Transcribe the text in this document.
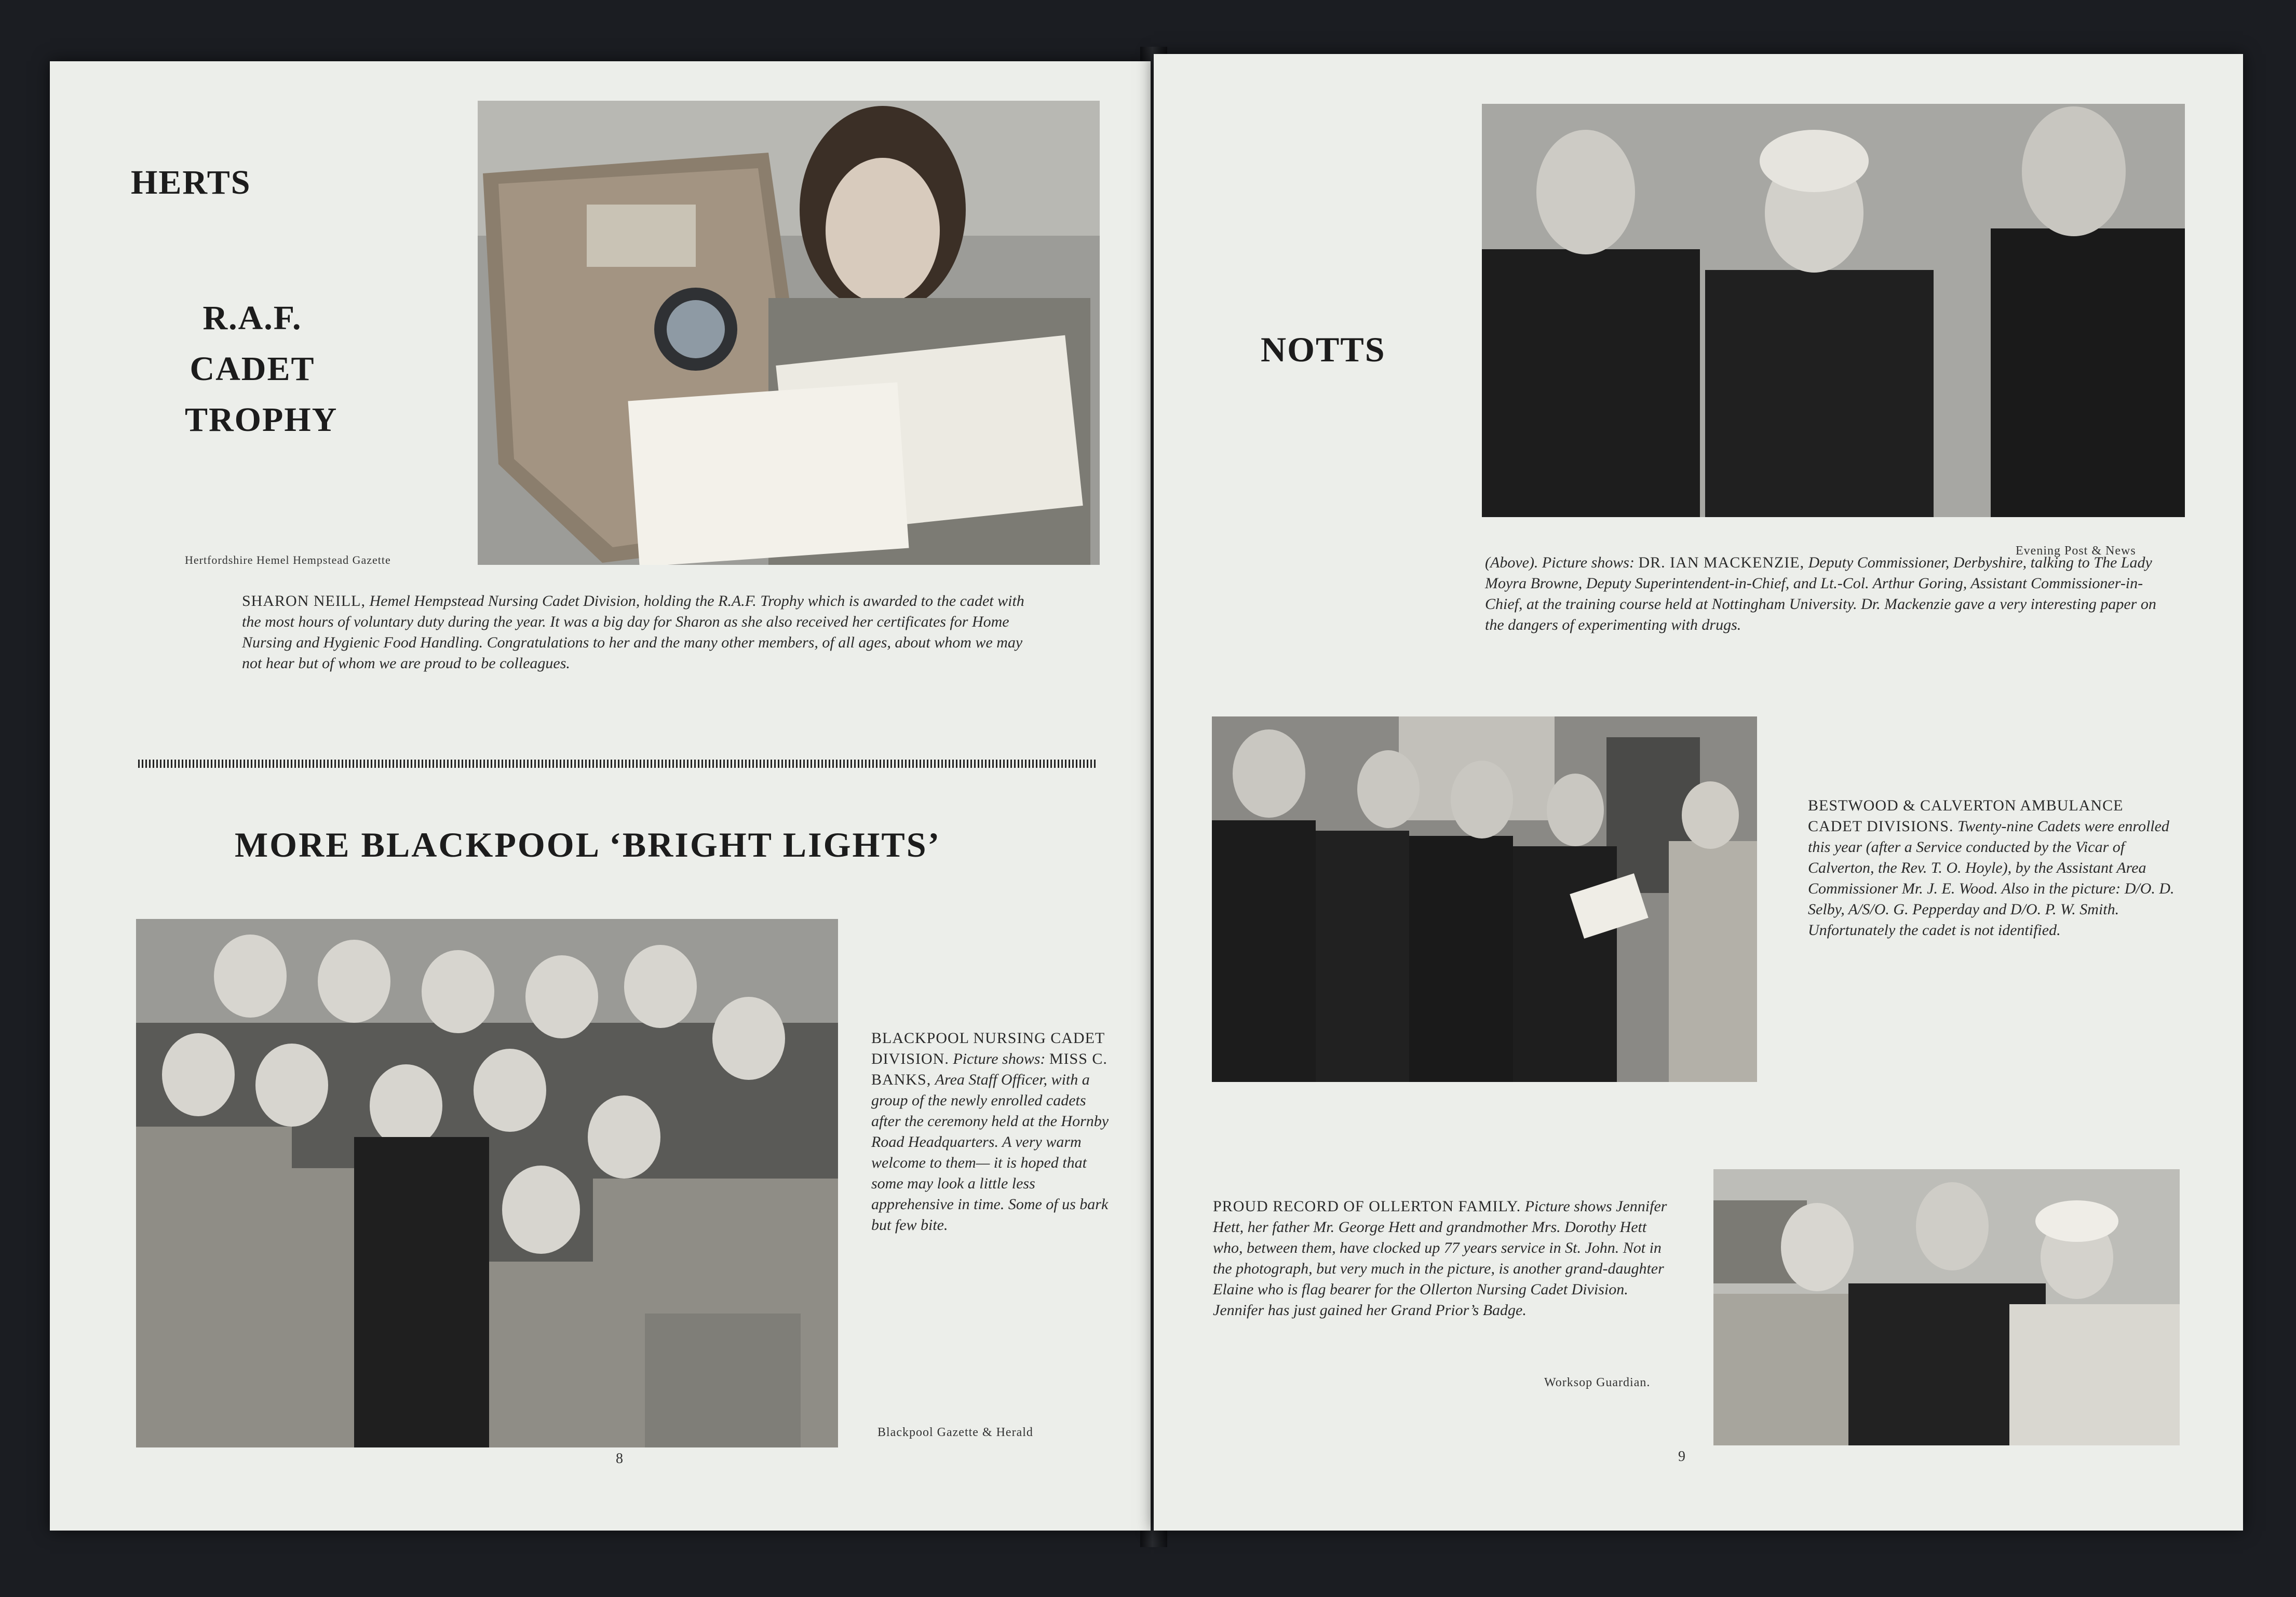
HERTS
R.A.F.
CADET
TROPHY
Hertfordshire Hemel Hempstead Gazette
SHARON NEILL, Hemel Hempstead Nursing Cadet Division, holding the R.A.F. Trophy which is awarded to the cadet with the most hours of voluntary duty during the year. It was a big day for Sharon as she also received her certificates for Home Nursing and Hygienic Food Handling. Congratulations to her and the many other members, of all ages, about whom we may not hear but of whom we are proud to be colleagues.
MORE BLACKPOOL ‘BRIGHT LIGHTS’
BLACKPOOL NURSING CADET DIVISION. Picture shows: MISS C. BANKS, Area Staff Officer, with a group of the newly enrolled cadets after the ceremony held at the Hornby Road Headquarters. A very warm welcome to them— it is hoped that some may look a little less apprehensive in time. Some of us bark but few bite.
Blackpool Gazette & Herald
8
NOTTS
Evening Post & News
(Above). Picture shows: DR. IAN MACKENZIE, Deputy Commissioner, Derbyshire, talking to The Lady Moyra Browne, Deputy Superintendent-in-Chief, and Lt.-Col. Arthur Goring, Assistant Commissioner-in-Chief, at the training course held at Nottingham University. Dr. Mackenzie gave a very interesting paper on the dangers of experimenting with drugs.
BESTWOOD & CALVERTON AMBULANCE CADET DIVISIONS. Twenty-nine Cadets were enrolled this year (after a Service conducted by the Vicar of Calverton, the Rev. T. O. Hoyle), by the Assistant Area Commissioner Mr. J. E. Wood. Also in the picture: D/O. D. Selby, A/S/O. G. Pepperday and D/O. P. W. Smith. Unfortunately the cadet is not identified.
PROUD RECORD OF OLLERTON FAMILY. Picture shows Jennifer Hett, her father Mr. George Hett and grandmother Mrs. Dorothy Hett who, between them, have clocked up 77 years service in St. John. Not in the photograph, but very much in the picture, is another grand-daughter Elaine who is flag bearer for the Ollerton Nursing Cadet Division. Jennifer has just gained her Grand Prior’s Badge.
Worksop Guardian.
9
